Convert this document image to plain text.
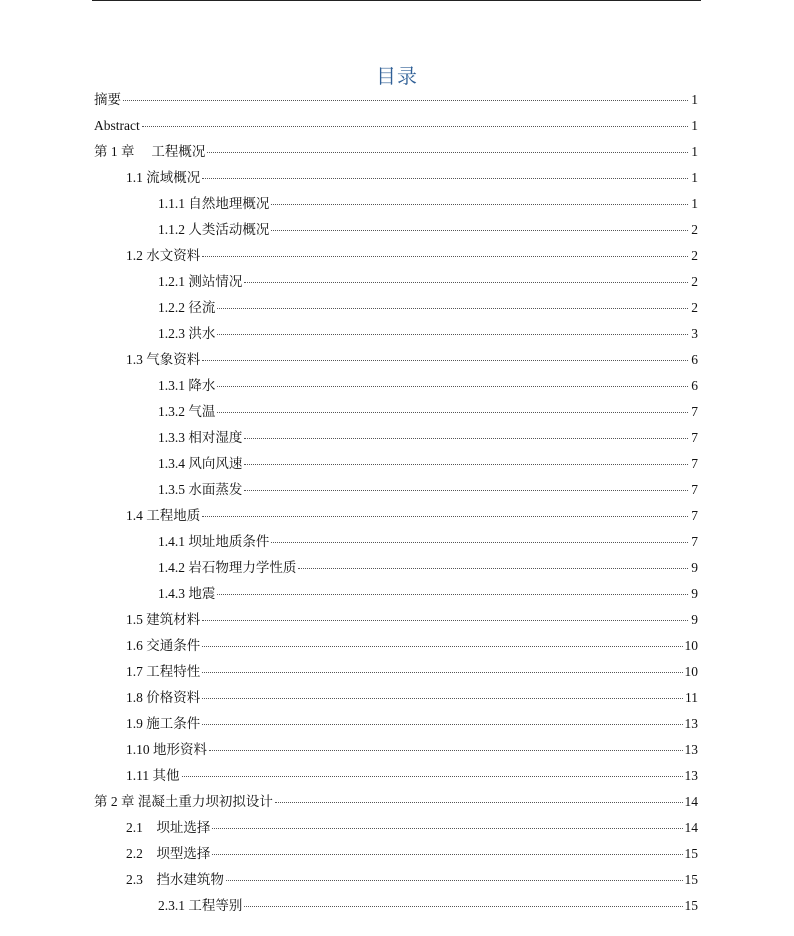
目录
摘要	1
Abstract	1
第 1 章　 工程概况	1
1.1 流域概况	1
1.1.1 自然地理概况	1
1.1.2 人类活动概况	2
1.2 水文资料	2
1.2.1 测站情况	2
1.2.2 径流	2
1.2.3 洪水	3
1.3 气象资料	6
1.3.1 降水	6
1.3.2 气温	7
1.3.3 相对湿度	7
1.3.4 风向风速	7
1.3.5 水面蒸发	7
1.4 工程地质	7
1.4.1 坝址地质条件	7
1.4.2 岩石物理力学性质	9
1.4.3 地震	9
1.5 建筑材料	9
1.6 交通条件	10
1.7 工程特性	10
1.8 价格资料	11
1.9 施工条件	13
1.10 地形资料	13
1.11 其他	13
第 2 章 混凝土重力坝初拟设计	14
2.1　坝址选择	14
2.2　坝型选择	15
2.3　挡水建筑物	15
2.3.1 工程等别	15
